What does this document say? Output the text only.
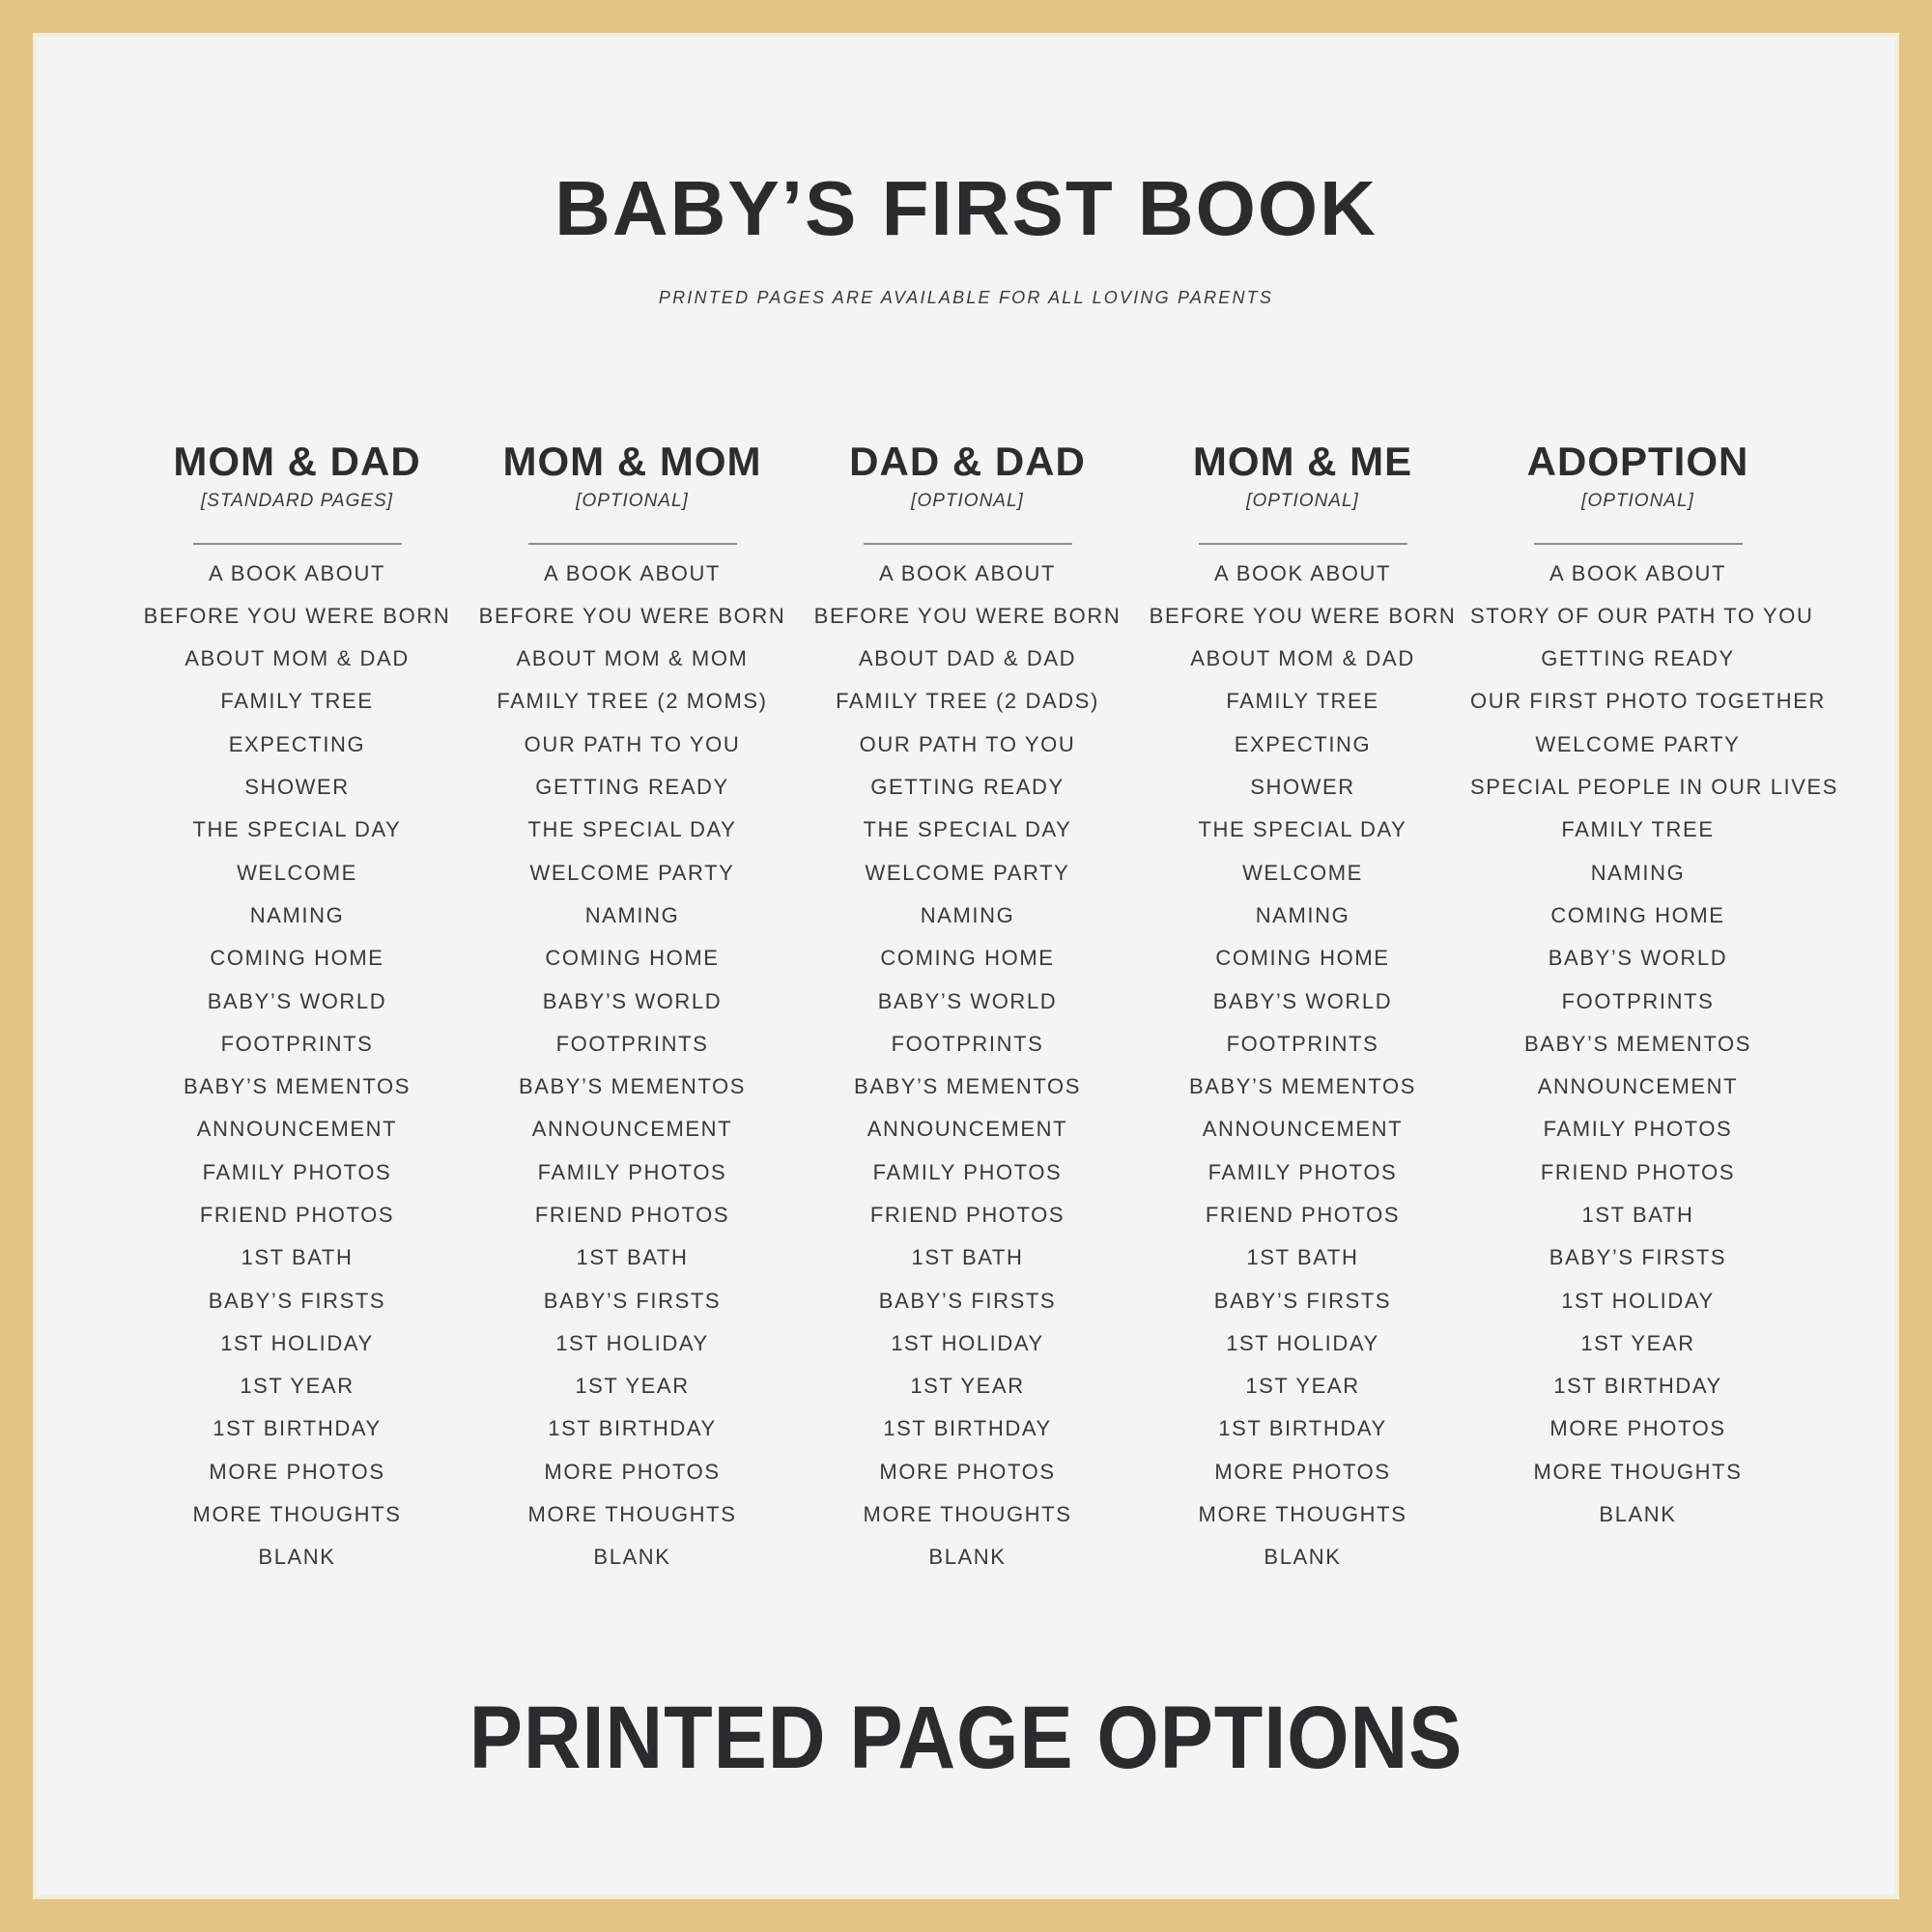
BABY’S FIRST BOOK

PRINTED PAGES ARE AVAILABLE FOR ALL LOVING PARENTS

MOM & DAD

[STANDARD PAGES]

A BOOK ABOUT
BEFORE YOU WERE BORN
ABOUT MOM & DAD
FAMILY TREE
EXPECTING
SHOWER
THE SPECIAL DAY
WELCOME
NAMING
COMING HOME
BABY’S WORLD
FOOTPRINTS
BABY’S MEMENTOS
ANNOUNCEMENT
FAMILY PHOTOS
FRIEND PHOTOS
1ST BATH
BABY’S FIRSTS
1ST HOLIDAY
1ST YEAR
1ST BIRTHDAY
MORE PHOTOS
MORE THOUGHTS
BLANK
MOM & MOM

[OPTIONAL]

A BOOK ABOUT
BEFORE YOU WERE BORN
ABOUT MOM & MOM
FAMILY TREE (2 MOMS)
OUR PATH TO YOU
GETTING READY
THE SPECIAL DAY
WELCOME PARTY
NAMING
COMING HOME
BABY’S WORLD
FOOTPRINTS
BABY’S MEMENTOS
ANNOUNCEMENT
FAMILY PHOTOS
FRIEND PHOTOS
1ST BATH
BABY’S FIRSTS
1ST HOLIDAY
1ST YEAR
1ST BIRTHDAY
MORE PHOTOS
MORE THOUGHTS
BLANK
DAD & DAD

[OPTIONAL]

A BOOK ABOUT
BEFORE YOU WERE BORN
ABOUT DAD & DAD
FAMILY TREE (2 DADS)
OUR PATH TO YOU
GETTING READY
THE SPECIAL DAY
WELCOME PARTY
NAMING
COMING HOME
BABY’S WORLD
FOOTPRINTS
BABY’S MEMENTOS
ANNOUNCEMENT
FAMILY PHOTOS
FRIEND PHOTOS
1ST BATH
BABY’S FIRSTS
1ST HOLIDAY
1ST YEAR
1ST BIRTHDAY
MORE PHOTOS
MORE THOUGHTS
BLANK
MOM & ME

[OPTIONAL]

A BOOK ABOUT
BEFORE YOU WERE BORN
ABOUT MOM & DAD
FAMILY TREE
EXPECTING
SHOWER
THE SPECIAL DAY
WELCOME
NAMING
COMING HOME
BABY’S WORLD
FOOTPRINTS
BABY’S MEMENTOS
ANNOUNCEMENT
FAMILY PHOTOS
FRIEND PHOTOS
1ST BATH
BABY’S FIRSTS
1ST HOLIDAY
1ST YEAR
1ST BIRTHDAY
MORE PHOTOS
MORE THOUGHTS
BLANK
ADOPTION

[OPTIONAL]

A BOOK ABOUT
STORY OF OUR PATH TO YOU
GETTING READY
OUR FIRST PHOTO TOGETHER
WELCOME PARTY
SPECIAL PEOPLE IN OUR LIVES
FAMILY TREE
NAMING
COMING HOME
BABY’S WORLD
FOOTPRINTS
BABY’S MEMENTOS
ANNOUNCEMENT
FAMILY PHOTOS
FRIEND PHOTOS
1ST BATH
BABY’S FIRSTS
1ST HOLIDAY
1ST YEAR
1ST BIRTHDAY
MORE PHOTOS
MORE THOUGHTS
BLANK
PRINTED PAGE OPTIONS
